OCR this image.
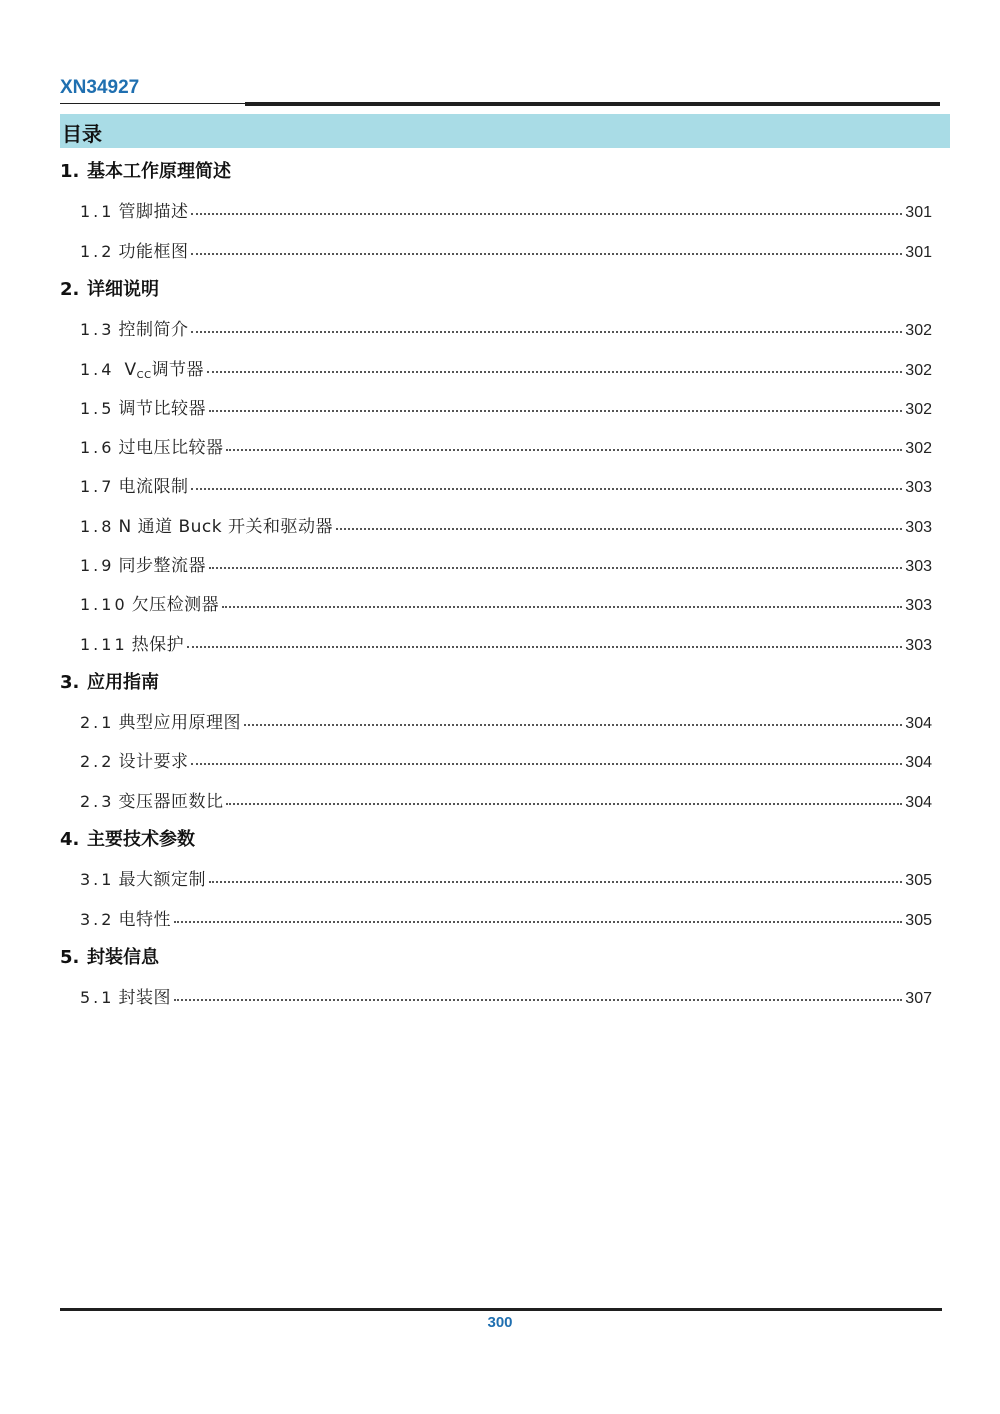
XN34927
目录
1. 基本工作原理简述
1.1 管脚描述	301
1.2 功能框图	301
2. 详细说明
1.3 控制简介	302
1.4 $V_{CC}$调节器	302
1.5 调节比较器	302
1.6 过电压比较器	302
1.7 电流限制	303
1.8 N 通道 Buck 开关和驱动器	303
1.9 同步整流器	303
1.10 欠压检测器	303
1.11 热保护	303
3. 应用指南
2.1 典型应用原理图	304
2.2 设计要求	304
2.3 变压器匝数比	304
4. 主要技术参数
3.1 最大额定制	305
3.2 电特性	305
5. 封装信息
5.1 封装图	307
300
